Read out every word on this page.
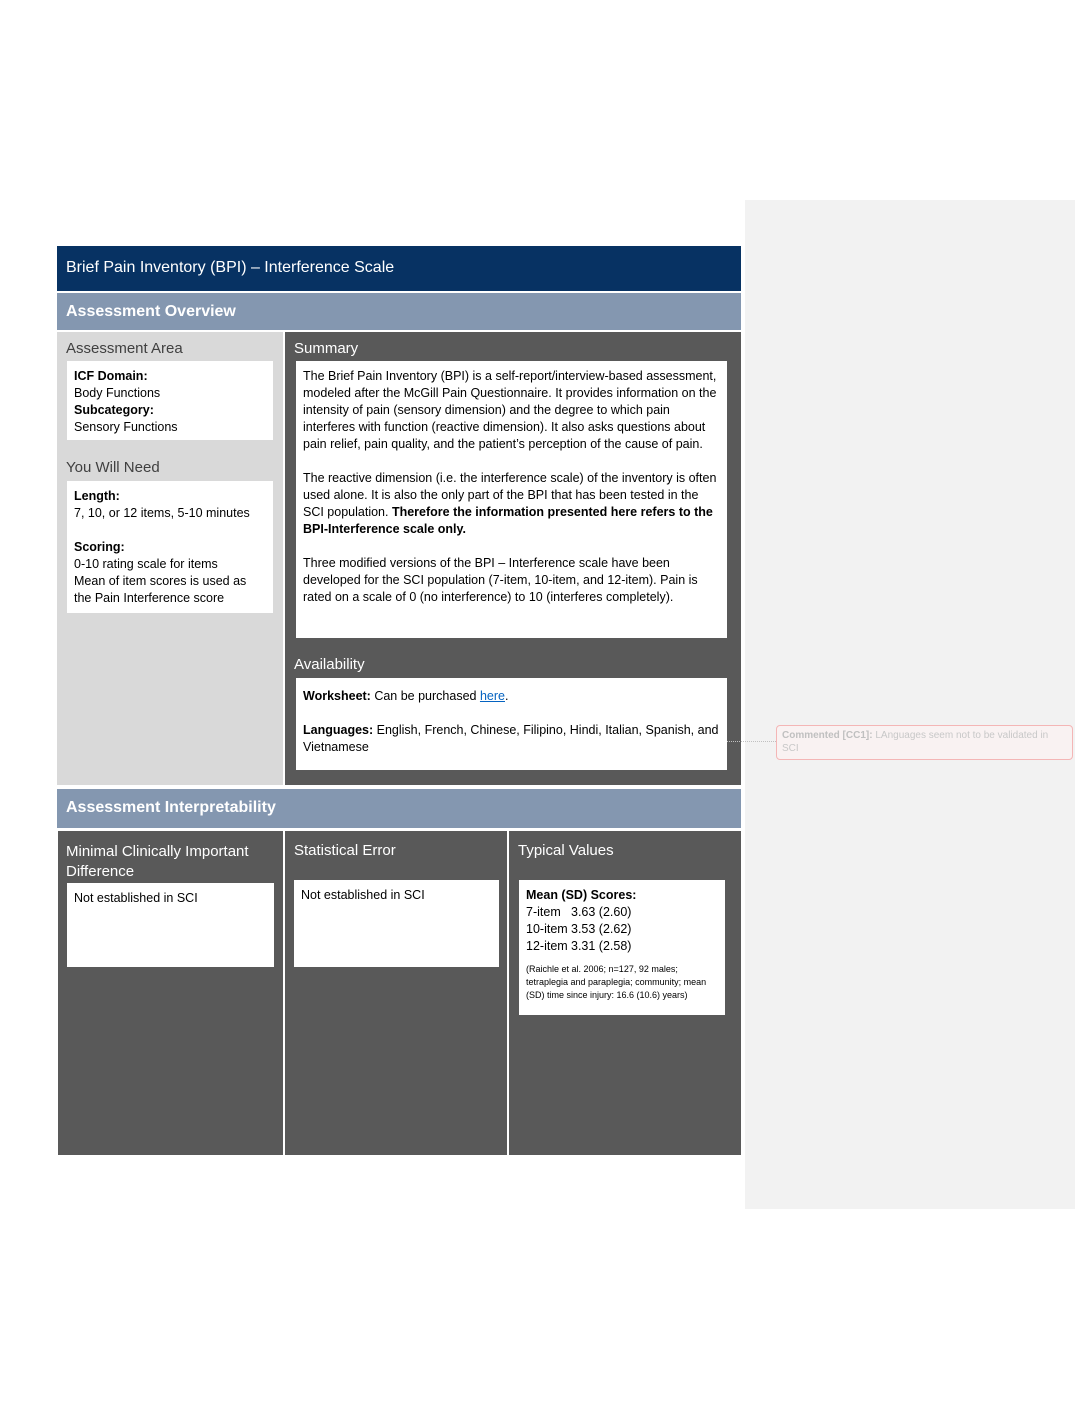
Brief Pain Inventory (BPI) – Interference Scale
Assessment Overview
Assessment Area
ICF Domain:
Body Functions
Subcategory:
Sensory Functions
You Will Need
Length:
7, 10, or 12 items, 5-10 minutes
Scoring:
0-10 rating scale for items
Mean of item scores is used as the Pain Interference score
Summary

The Brief Pain Inventory (BPI) is a self-report/interview-based assessment, modeled after the McGill Pain Questionnaire. It provides information on the intensity of pain (sensory dimension) and the degree to which pain interferes with function (reactive dimension). It also asks questions about pain relief, pain quality, and the patient’s perception of the cause of pain.

The reactive dimension (i.e. the interference scale) of the inventory is often used alone. It is also the only part of the BPI that has been tested in the SCI population. Therefore the information presented here refers to the BPI-Interference scale only.

Three modified versions of the BPI – Interference scale have been developed for the SCI population (7-item, 10-item, and 12-item). Pain is rated on a scale of 0 (no interference) to 10 (interferes completely).

Availability

Worksheet: Can be purchased here.

Languages: English, French, Chinese, Filipino, Hindi, Italian, Spanish, and Vietnamese

Commented [CC1]: LAnguages seem not to be validated in SCI
Assessment Interpretability
Minimal Clinically Important Difference
Not established in SCI
Statistical Error
Not established in SCI
Typical Values
Mean (SD) Scores:
7-item 3.63 (2.60)
10-item 3.53 (2.62)
12-item 3.31 (2.58)
(Raichle et al. 2006; n=127, 92 males; tetraplegia and paraplegia; community; mean (SD) time since injury: 16.6 (10.6) years)
